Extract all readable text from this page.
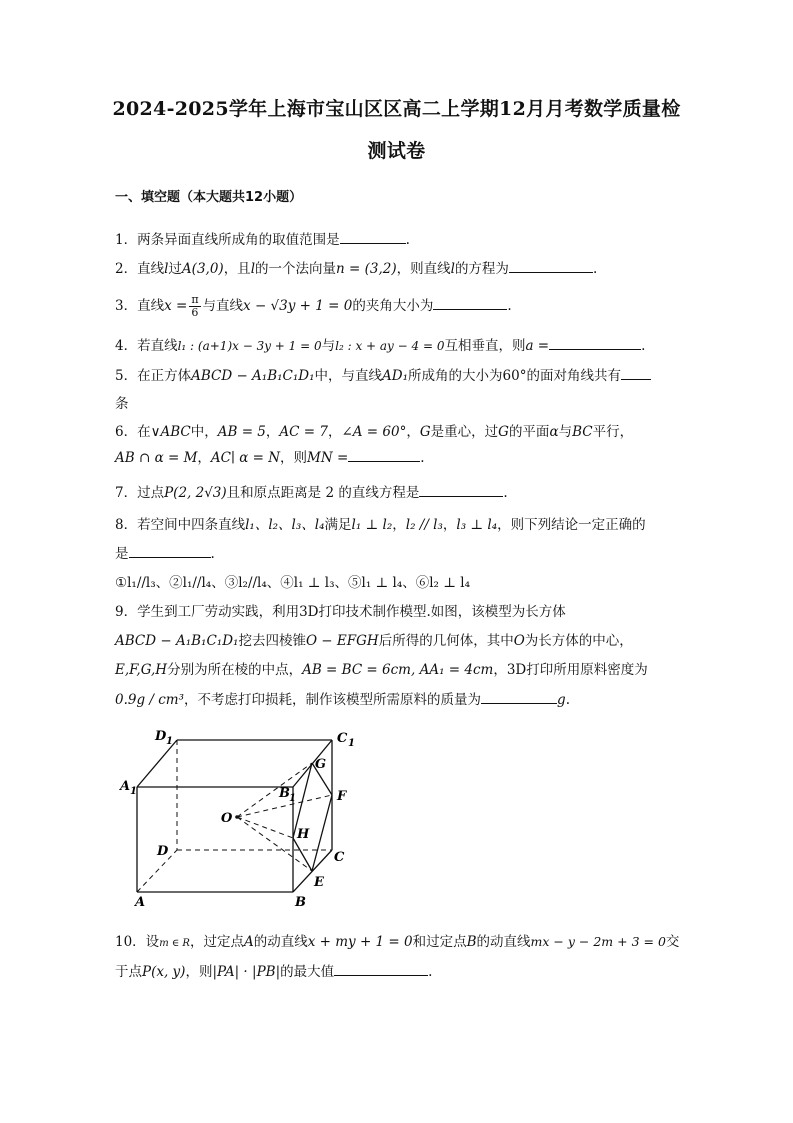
2024-2025学年上海市宝山区区高二上学期12月月考数学质量检
测试卷
一、填空题（本大题共12小题）
1．两条异面直线所成角的取值范围是	.
2．直线l过A(3,0)，且l的一个法向量n = (3,2)，则直线l的方程为	.
3．直线$x = \frac{\pi}{6}$ 与直线x − √3y + 1 = 0的夹角大小为	.
4．若直线l₁ : (a+1)x − 3y + 1 = 0与l₂ : x + ay − 4 = 0互相垂直，则a =	.
5．在正方体ABCD − A₁B₁C₁D₁中，与直线AD₁所成角的大小为60°的面对角线共有
条
6．在∨ABC中，AB = 5，AC = 7，∠A = 60°，G是重心，过G的平面α与BC平行，
AB ∩ α = M，AC∣ α = N，则MN =	.
7．过点P(2, 2√3)且和原点距离是 2 的直线方程是	.
8．若空间中四条直线l₁、l₂、l₃、l₄满足l₁ ⊥ l₂，l₂ // l₃，l₃ ⊥ l₄，则下列结论一定正确的
是	.
①l₁//l₃、②l₁//l₄、③l₂//l₄、④l₁ ⊥ l₃、⑤l₁ ⊥ l₄、⑥l₂ ⊥ l₄
9．学生到工厂劳动实践，利用3D打印技术制作模型.如图，该模型为长方体
ABCD − A₁B₁C₁D₁挖去四棱锥O − EFGH后所得的几何体，其中O为长方体的中心，
E,F,G,H分别为所在棱的中点，AB = BC = 6cm, AA₁ = 4cm，3D打印所用原料密度为
0.9g / cm³，不考虑打印损耗，制作该模型所需原料的质量为	g.
D 1	C 1
A 1	B 1
G
F
O
H
D	C
E
A	B
10．设m ∈ R，过定点A的动直线x + my + 1 = 0和过定点B的动直线mx − y − 2m + 3 = 0交
于点P(x, y)，则|PA| · |PB|的最大值	.
